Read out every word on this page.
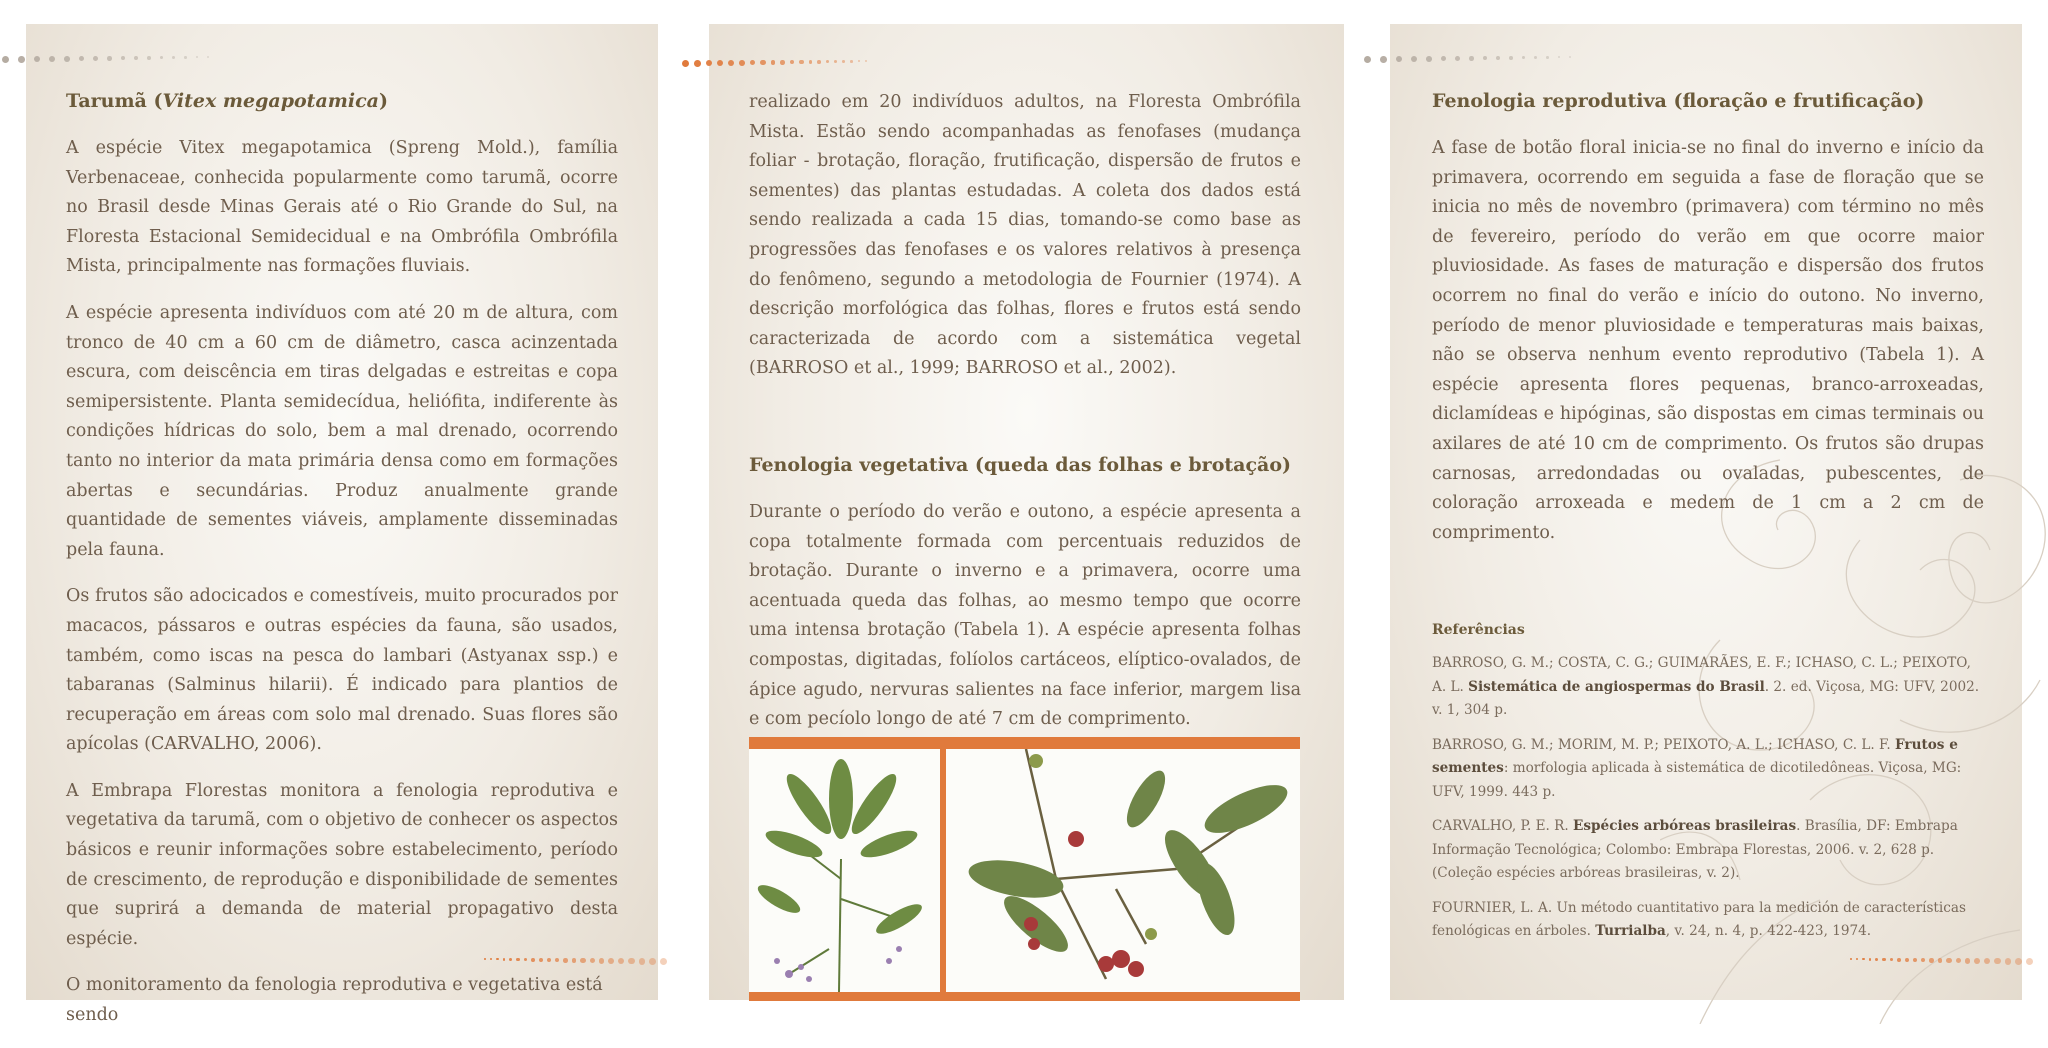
Tarumã (Vitex megapotamica)

A espécie Vitex megapotamica (Spreng Mold.), família Verbenaceae, conhecida popularmente como tarumã, ocorre no Brasil desde Minas Gerais até o Rio Grande do Sul, na Floresta Estacional Semidecidual e na Ombrófila Ombrófila Mista, principalmente nas formações fluviais.

A espécie apresenta indivíduos com até 20 m de altura, com tronco de 40 cm a 60 cm de diâmetro, casca acinzentada escura, com deiscência em tiras delgadas e estreitas e copa semipersistente. Planta semidecídua, heliófita, indiferente às condições hídricas do solo, bem a mal drenado, ocorrendo tanto no interior da mata primária densa como em formações abertas e secundárias. Produz anualmente grande quantidade de sementes viáveis, amplamente disseminadas pela fauna.

Os frutos são adocicados e comestíveis, muito procurados por macacos, pássaros e outras espécies da fauna, são usados, também, como iscas na pesca do lambari (Astyanax ssp.) e tabaranas (Salminus hilarii). É indicado para plantios de recuperação em áreas com solo mal drenado. Suas flores são apícolas (CARVALHO, 2006).

A Embrapa Florestas monitora a fenologia reprodutiva e vegetativa da tarumã, com o objetivo de conhecer os aspectos básicos e reunir informações sobre estabelecimento, período de crescimento, de reprodução e disponibilidade de sementes que suprirá a demanda de material propagativo desta espécie.

O monitoramento da fenologia reprodutiva e vegetativa está sendo

realizado em 20 indivíduos adultos, na Floresta Ombrófila Mista. Estão sendo acompanhadas as fenofases (mudança foliar - brotação, floração, frutificação, dispersão de frutos e sementes) das plantas estudadas. A coleta dos dados está sendo realizada a cada 15 dias, tomando-se como base as progressões das fenofases e os valores relativos à presença do fenômeno, segundo a metodologia de Fournier (1974). A descrição morfológica das folhas, flores e frutos está sendo caracterizada de acordo com a sistemática vegetal (BARROSO et al., 1999; BARROSO et al., 2002).

Fenologia vegetativa (queda das folhas e brotação)

Durante o período do verão e outono, a espécie apresenta a copa totalmente formada com percentuais reduzidos de brotação. Durante o inverno e a primavera, ocorre uma acentuada queda das folhas, ao mesmo tempo que ocorre uma intensa brotação (Tabela 1). A espécie apresenta folhas compostas, digitadas, folíolos cartáceos, elíptico-ovalados, de ápice agudo, nervuras salientes na face inferior, margem lisa e com pecíolo longo de até 7 cm de comprimento.

Fenologia reprodutiva (floração e frutificação)

A fase de botão floral inicia-se no final do inverno e início da primavera, ocorrendo em seguida a fase de floração que se inicia no mês de novembro (primavera) com término no mês de fevereiro, período do verão em que ocorre maior pluviosidade. As fases de maturação e dispersão dos frutos ocorrem no final do verão e início do outono. No inverno, período de menor pluviosidade e temperaturas mais baixas, não se observa nenhum evento reprodutivo (Tabela 1). A espécie apresenta flores pequenas, branco-arroxeadas, diclamídeas e hipóginas, são dispostas em cimas terminais ou axilares de até 10 cm de comprimento. Os frutos são drupas carnosas, arredondadas ou ovaladas, pubescentes, de coloração arroxeada e medem de 1 cm a 2 cm de comprimento.

Referências

BARROSO, G. M.; COSTA, C. G.; GUIMARÃES, E. F.; ICHASO, C. L.; PEIXOTO, A. L. Sistemática de angiospermas do Brasil. 2. ed. Viçosa, MG: UFV, 2002. v. 1, 304 p.

BARROSO, G. M.; MORIM, M. P.; PEIXOTO, A. L.; ICHASO, C. L. F. Frutos e sementes: morfologia aplicada à sistemática de dicotiledôneas. Viçosa, MG: UFV, 1999. 443 p.

CARVALHO, P. E. R. Espécies arbóreas brasileiras. Brasília, DF: Embrapa Informação Tecnológica; Colombo: Embrapa Florestas, 2006. v. 2, 628 p. (Coleção espécies arbóreas brasileiras, v. 2).

FOURNIER, L. A. Un método cuantitativo para la medición de características fenológicas en árboles. Turrialba, v. 24, n. 4, p. 422-423, 1974.
